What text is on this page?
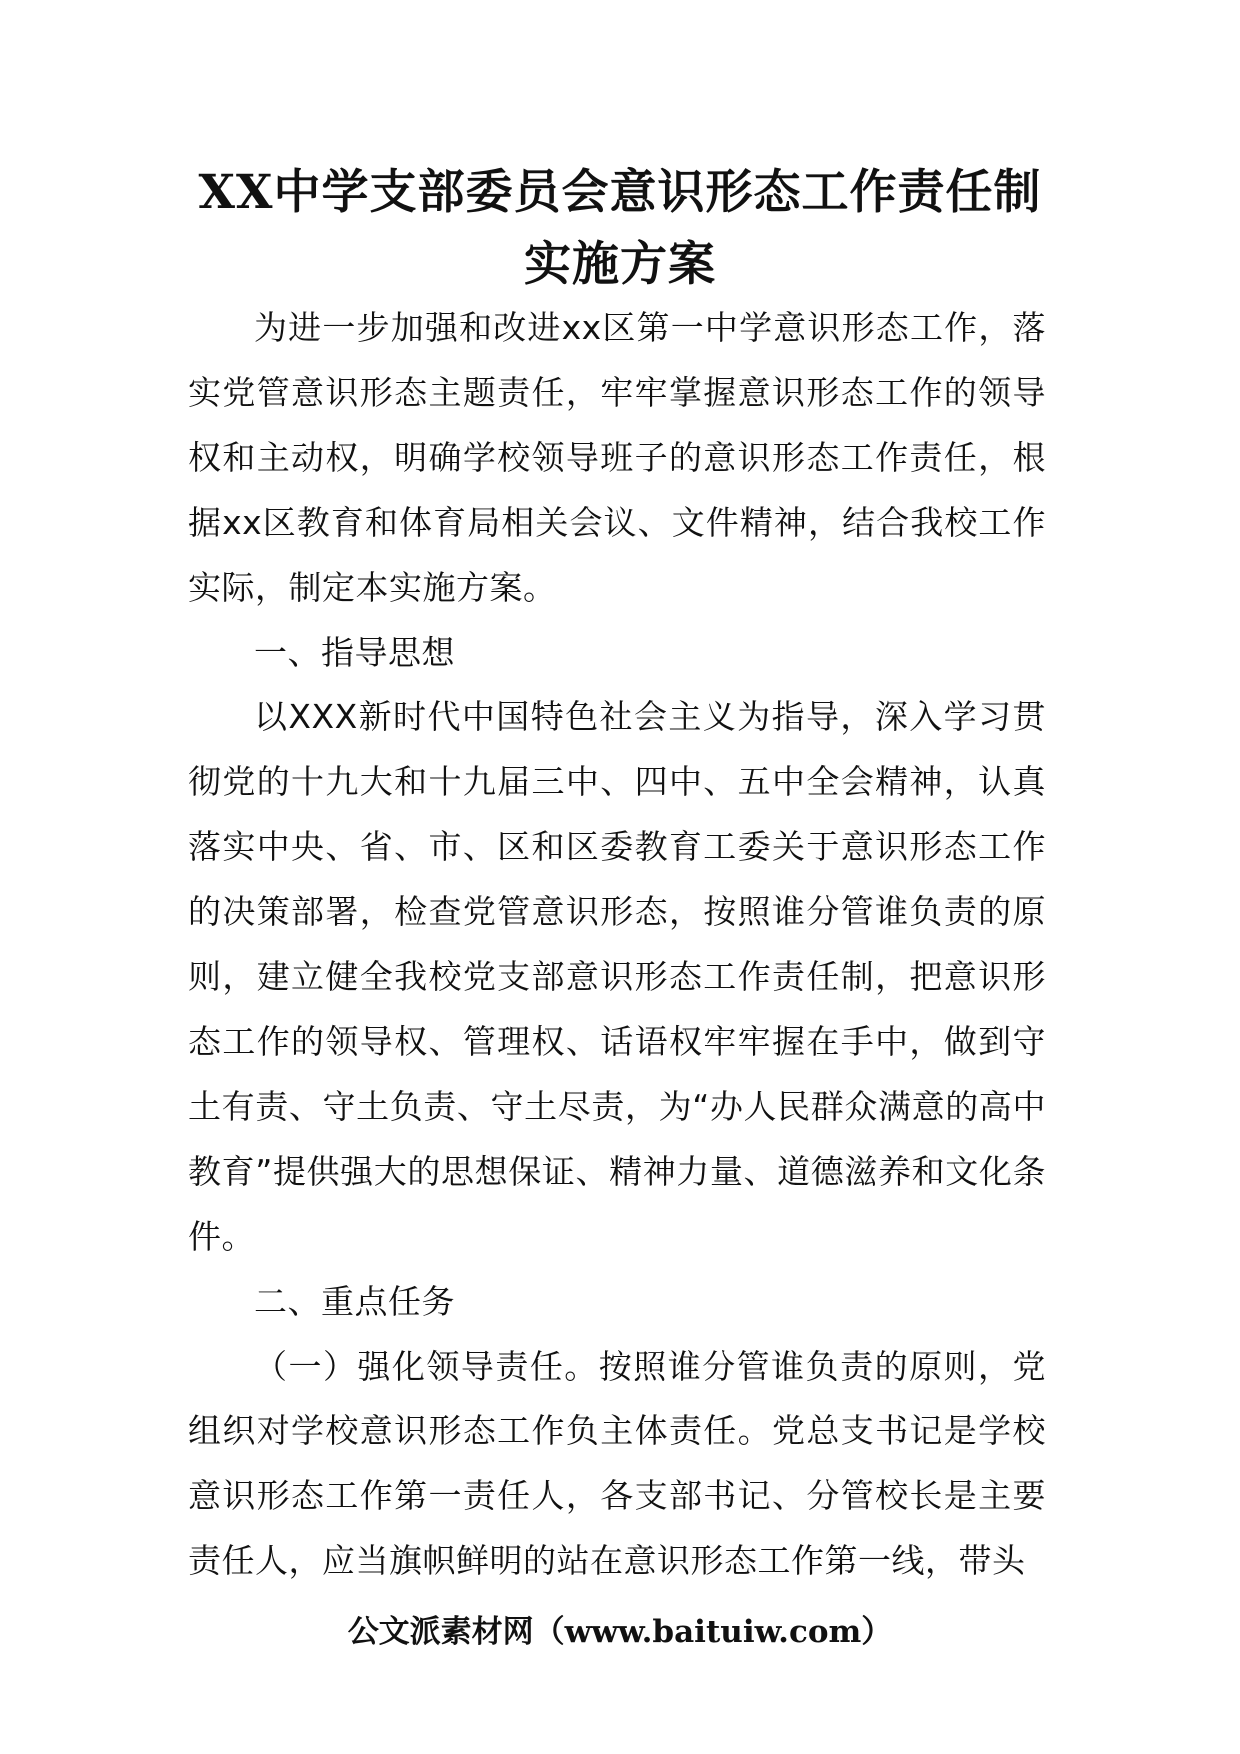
XX中学支部委员会意识形态工作责任制
实施方案

为进一步加强和改进xx区第一中学意识形态工作，落实党管意识形态主题责任，牢牢掌握意识形态工作的领导权和主动权，明确学校领导班子的意识形态工作责任，根据xx区教育和体育局相关会议、文件精神，结合我校工作实际，制定本实施方案。

一、指导思想

以XXX新时代中国特色社会主义为指导，深入学习贯彻党的十九大和十九届三中、四中、五中全会精神，认真落实中央、省、市、区和区委教育工委关于意识形态工作的决策部署，检查党管意识形态，按照谁分管谁负责的原则，建立健全我校党支部意识形态工作责任制，把意识形态工作的领导权、管理权、话语权牢牢握在手中，做到守土有责、守土负责、守土尽责，为“办人民群众满意的高中教育”提供强大的思想保证、精神力量、道德滋养和文化条件。

二、重点任务

（一）强化领导责任。按照谁分管谁负责的原则，党组织对学校意识形态工作负主体责任。党总支书记是学校意识形态工作第一责任人，各支部书记、分管校长是主要责任人，应当旗帜鲜明的站在意识形态工作第一线，带头

公文派素材网（www.baituiw.com）
